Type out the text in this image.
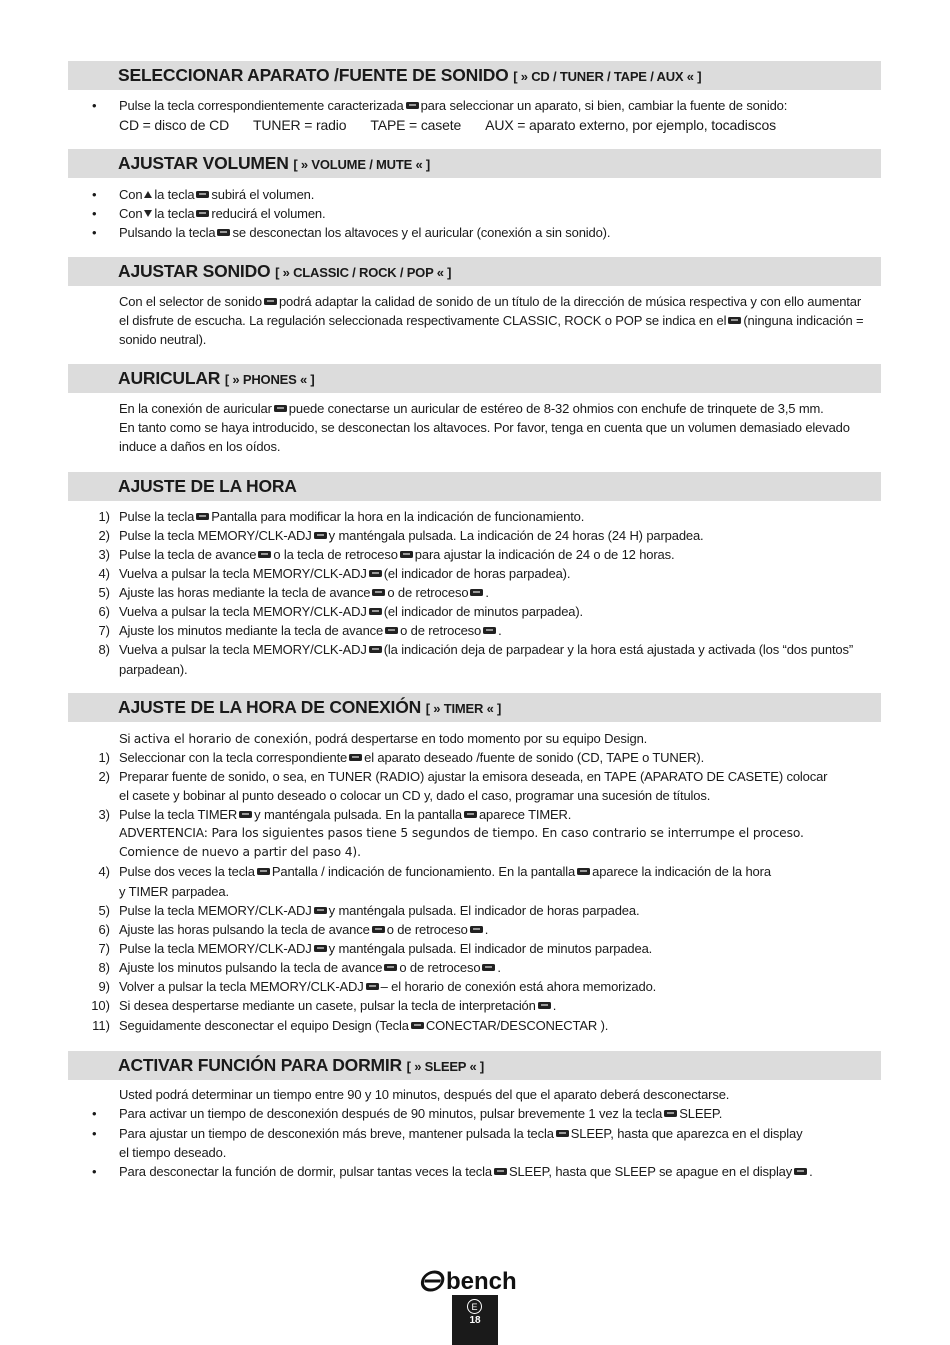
SELECCIONAR APARATO /FUENTE DE SONIDO [ » CD / TUNER / TAPE / AUX « ]
• Pulse la tecla correspondientemente caracterizada para seleccionar un aparato, si bien, cambiar la fuente de sonido:
CD = disco de CD TUNER = radio TAPE = casete AUX = aparato externo, por ejemplo, tocadiscos
AJUSTAR VOLUMEN [ » VOLUME / MUTE « ]
• Con la tecla subirá el volumen.
• Con la tecla reducirá el volumen.
• Pulsando la tecla se desconectan los altavoces y el auricular (conexión a sin sonido).
AJUSTAR SONIDO [ » CLASSIC / ROCK / POP « ]
Con el selector de sonido podrá adaptar la calidad de sonido de un título de la dirección de música respectiva y con ello aumentar
el disfrute de escucha. La regulación seleccionada respectivamente CLASSIC, ROCK o POP se indica en el (ninguna indicación =
sonido neutral).
AURICULAR [ » PHONES « ]
En la conexión de auricular puede conectarse un auricular de estéreo de 8-32 ohmios con enchufe de trinquete de 3,5 mm.
En tanto como se haya introducido, se desconectan los altavoces. Por favor, tenga en cuenta que un volumen demasiado elevado
induce a daños en los oídos.
AJUSTE DE LA HORA
1) Pulse la tecla Pantalla para modificar la hora en la indicación de funcionamiento.
2) Pulse la tecla MEMORY/CLK-ADJ y manténgala pulsada. La indicación de 24 horas (24 H) parpadea.
3) Pulse la tecla de avance o la tecla de retroceso para ajustar la indicación de 24 o de 12 horas.
4) Vuelva a pulsar la tecla MEMORY/CLK-ADJ (el indicador de horas parpadea).
5) Ajuste las horas mediante la tecla de avance o de retroceso .
6) Vuelva a pulsar la tecla MEMORY/CLK-ADJ (el indicador de minutos parpadea).
7) Ajuste los minutos mediante la tecla de avance o de retroceso .
8) Vuelva a pulsar la tecla MEMORY/CLK-ADJ (la indicación deja de parpadear y la hora está ajustada y activada (los “dos puntos”
parpadean).
AJUSTE DE LA HORA DE CONEXIÓN [ » TIMER « ]
Si activa el horario de conexión, podrá despertarse en todo momento por su equipo Design.
1) Seleccionar con la tecla correspondiente el aparato deseado /fuente de sonido (CD, TAPE o TUNER).
2) Preparar fuente de sonido, o sea, en TUNER (RADIO) ajustar la emisora deseada, en TAPE (APARATO DE CASETE) colocar
el casete y bobinar al punto deseado o colocar un CD y, dado el caso, programar una sucesión de títulos.
3) Pulse la tecla TIMER y manténgala pulsada. En la pantalla aparece TIMER.
ADVERTENCIA: Para los siguientes pasos tiene 5 segundos de tiempo. En caso contrario se interrumpe el proceso.
Comience de nuevo a partir del paso 4).
4) Pulse dos veces la tecla Pantalla / indicación de funcionamiento. En la pantalla aparece la indicación de la hora
y TIMER parpadea.
5) Pulse la tecla MEMORY/CLK-ADJ y manténgala pulsada. El indicador de horas parpadea.
6) Ajuste las horas pulsando la tecla de avance o de retroceso .
7) Pulse la tecla MEMORY/CLK-ADJ y manténgala pulsada. El indicador de minutos parpadea.
8) Ajuste los minutos pulsando la tecla de avance o de retroceso .
9) Volver a pulsar la tecla MEMORY/CLK-ADJ – el horario de conexión está ahora memorizado.
10) Si desea despertarse mediante un casete, pulsar la tecla de interpretación .
11) Seguidamente desconectar el equipo Design (Tecla CONECTAR/DESCONECTAR ).
ACTIVAR FUNCIÓN PARA DORMIR [ » SLEEP « ]
Usted podrá determinar un tiempo entre 90 y 10 minutos, después del que el aparato deberá desconectarse.
• Para activar un tiempo de desconexión después de 90 minutos, pulsar brevemente 1 vez la tecla SLEEP.
• Para ajustar un tiempo de desconexión más breve, mantener pulsada la tecla SLEEP, hasta que aparezca en el display
el tiempo deseado.
• Para desconectar la función de dormir, pulsar tantas veces la tecla SLEEP, hasta que SLEEP se apague en el display .
bench
E
18
